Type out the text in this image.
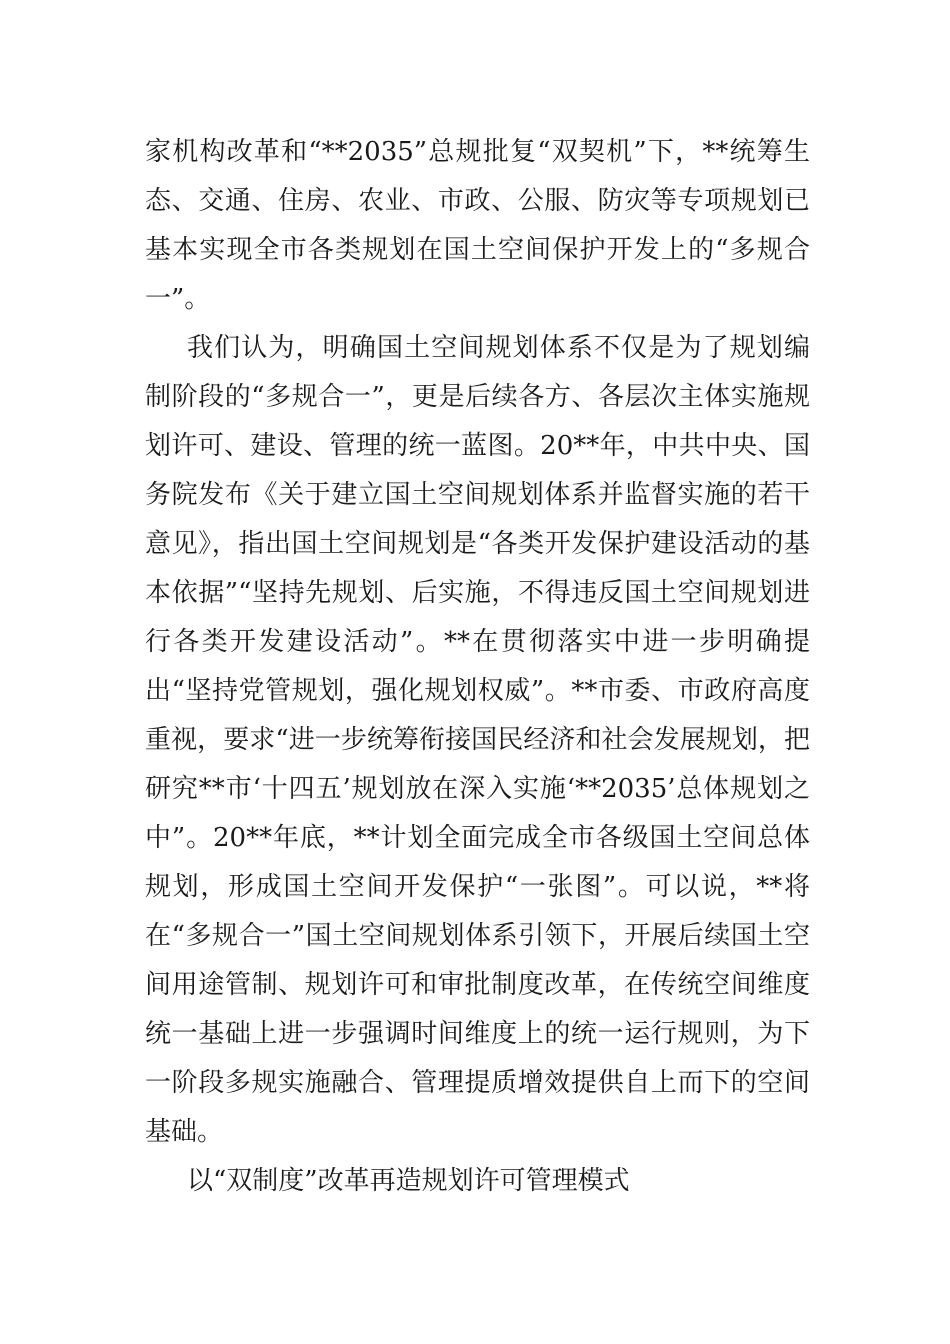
家机构改革和“**2035”总规批复“双契机”下，**统筹生态、交通、住房、农业、市政、公服、防灾等专项规划已基本实现全市各类规划在国土空间保护开发上的“多规合一”。

我们认为，明确国土空间规划体系不仅是为了规划编制阶段的“多规合一”，更是后续各方、各层次主体实施规划许可、建设、管理的统一蓝图。20**年，中共中央、国务院发布《关于建立国土空间规划体系并监督实施的若干意见》，指出国土空间规划是“各类开发保护建设活动的基本依据”“坚持先规划、后实施，不得违反国土空间规划进行各类开发建设活动”。**在贯彻落实中进一步明确提出“坚持党管规划，强化规划权威”。**市委、市政府高度重视，要求“进一步统筹衔接国民经济和社会发展规划，把研究**市‘十四五’规划放在深入实施‘**2035’总体规划之中”。20**年底，**计划全面完成全市各级国土空间总体规划，形成国土空间开发保护“一张图”。可以说，**将在“多规合一”国土空间规划体系引领下，开展后续国土空间用途管制、规划许可和审批制度改革，在传统空间维度统一基础上进一步强调时间维度上的统一运行规则，为下一阶段多规实施融合、管理提质增效提供自上而下的空间基础。

以“双制度”改革再造规划许可管理模式
